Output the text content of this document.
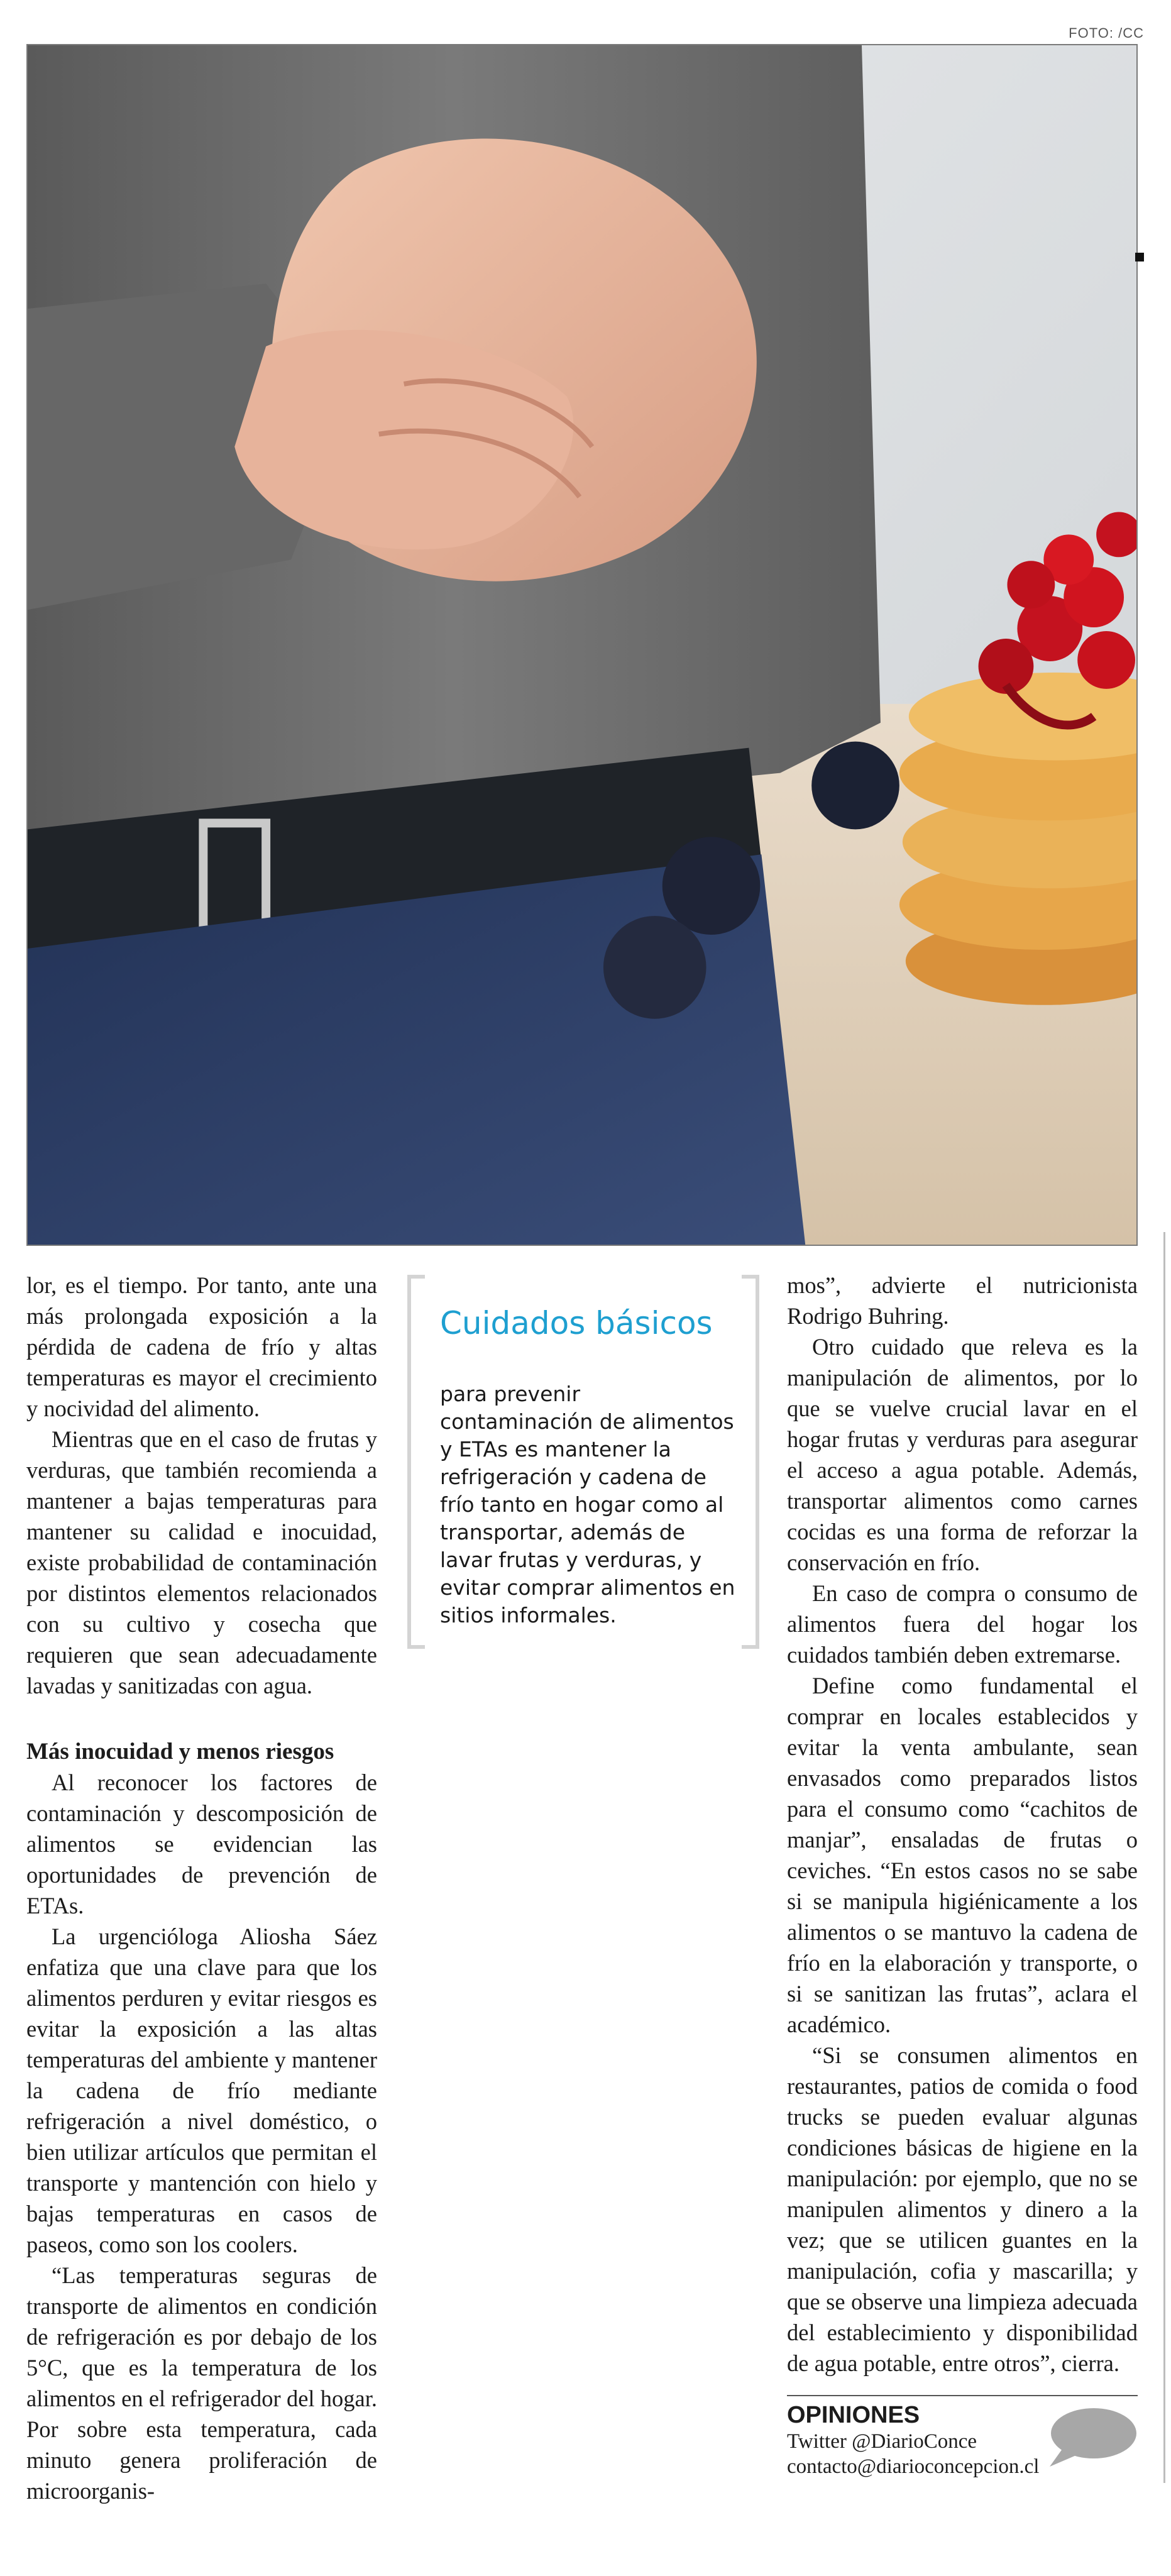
FOTO: /CC

lor, es el tiempo. Por tanto, ante una más prolongada exposición a la pérdida de cadena de frío y altas temperaturas es mayor el crecimiento y nocividad del alimento.

Mientras que en el caso de frutas y verduras, que también recomienda a mantener a bajas temperaturas para mantener su calidad e inocuidad, existe probabilidad de contaminación por distintos elementos relacionados con su cultivo y cosecha que requieren que sean adecuadamente lavadas y sanitizadas con agua.

Más inocuidad y menos riesgos

Al reconocer los factores de contaminación y descomposición de alimentos se evidencian las oportunidades de prevención de ETAs.

La urgencióloga Aliosha Sáez enfatiza que una clave para que los alimentos perduren y evitar riesgos es evitar la exposición a las altas temperaturas del ambiente y mantener la cadena de frío mediante refrigeración a nivel doméstico, o bien utilizar artículos que permitan el transporte y mantención con hielo y bajas temperaturas en casos de paseos, como son los coolers.

“Las temperaturas seguras de transporte de alimentos en condición de refrigeración es por debajo de los 5°C, que es la temperatura de los alimentos en el refrigerador del hogar. Por sobre esta temperatura, cada minuto genera proliferación de microorganis-

Cuidados básicos

para prevenir contaminación de alimentos y ETAs es mantener la refrigeración y cadena de frío tanto en hogar como al transportar, además de lavar frutas y verduras, y evitar comprar alimentos en sitios informales.

mos”, advierte el nutricionista Rodrigo Buhring.

Otro cuidado que releva es la manipulación de alimentos, por lo que se vuelve crucial lavar en el hogar frutas y verduras para asegurar el acceso a agua potable. Además, transportar alimentos como carnes cocidas es una forma de reforzar la conservación en frío.

En caso de compra o consumo de alimentos fuera del hogar los cuidados también deben extremarse.

Define como fundamental el comprar en locales establecidos y evitar la venta ambulante, sean envasados como preparados listos para el consumo como “cachitos de manjar”, ensaladas de frutas o ceviches. “En estos casos no se sabe si se manipula higiénicamente a los alimentos o se mantuvo la cadena de frío en la elaboración y transporte, o si se sanitizan las frutas”, aclara el académico.

“Si se consumen alimentos en restaurantes, patios de comida o food trucks se pueden evaluar algunas condiciones básicas de higiene en la manipulación: por ejemplo, que no se manipulen alimentos y dinero a la vez; que se utilicen guantes en la manipulación, cofia y mascarilla; y que se observe una limpieza adecuada del establecimiento y disponibilidad de agua potable, entre otros”, cierra.

OPINIONES

Twitter @DiarioConce

contacto@diarioconcepcion.cl
